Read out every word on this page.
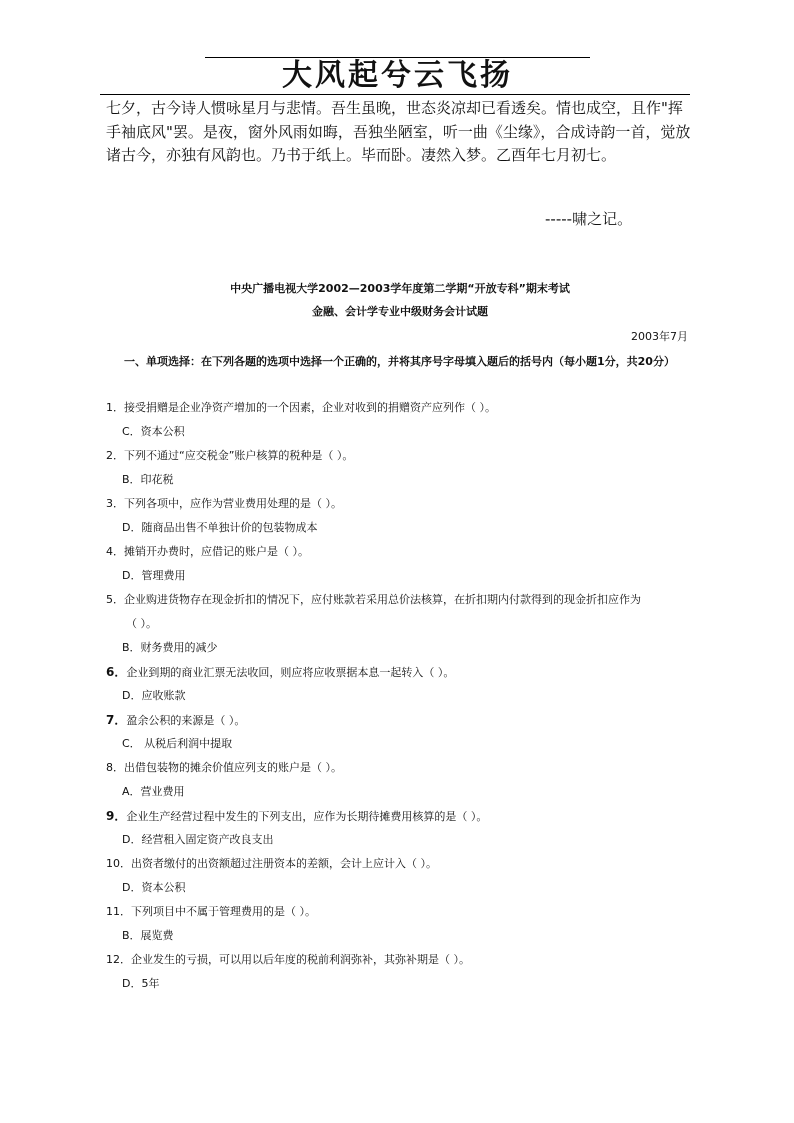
大风起兮云飞扬
七夕，古今诗人惯咏星月与悲情。吾生虽晚，世态炎凉却已看透矣。情也成空，且作"挥手袖底风"罢。是夜，窗外风雨如晦，吾独坐陋室，听一曲《尘缘》，合成诗韵一首，觉放诸古今，亦独有风韵也。乃书于纸上。毕而卧。凄然入梦。乙酉年七月初七。
-----啸之记。
中央广播电视大学2002—2003学年度第二学期“开放专科”期末考试
金融、会计学专业中级财务会计试题
2003年7月
一、单项选择：在下列各题的选项中选择一个正确的，并将其序号字母填入题后的括号内（每小题1分，共20分）
1．接受捐赠是企业净资产增加的一个因素，企业对收到的捐赠资产应列作（ ）。
C．资本公积
2．下列不通过“应交税金”账户核算的税种是（ ）。
B．印花税
3．下列各项中，应作为营业费用处理的是（ ）。
D．随商品出售不单独计价的包装物成本
4．摊销开办费时，应借记的账户是（ ）。
D．管理费用
5．企业购进货物存在现金折扣的情况下，应付账款若采用总价法核算，在折扣期内付款得到的现金折扣应作为
（ ）。
B．财务费用的减少
6．企业到期的商业汇票无法收回，则应将应收票据本息一起转入（ ）。
D．应收账款
7．盈余公积的来源是（ ）。
C． 从税后利润中提取
8．出借包装物的摊余价值应列支的账户是（ ）。
A．营业费用
9．企业生产经营过程中发生的下列支出，应作为长期待摊费用核算的是（ ）。
D．经营租入固定资产改良支出
10．出资者缴付的出资额超过注册资本的差额，会计上应计入（ ）。
D．资本公积
11．下列项目中不属于管理费用的是（ ）。
B．展览费
12．企业发生的亏损，可以用以后年度的税前利润弥补，其弥补期是（ ）。
D．5年
